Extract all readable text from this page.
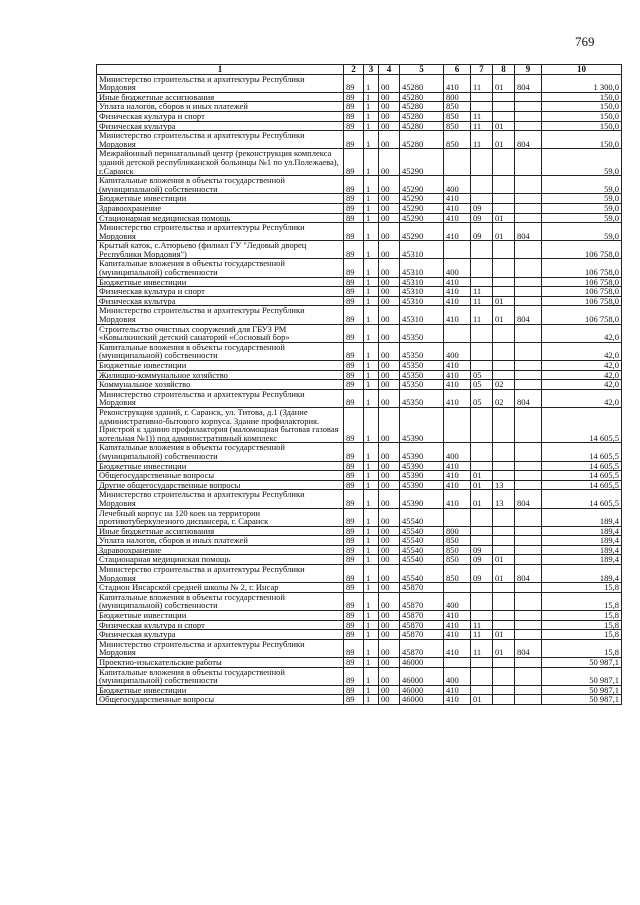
769
1	2	3	4	5	6	7	8	9	10
Министерство строительства и архитектуры Республики Мордовия	89	1	00	45280	410	11	01	804	1 300,0
Иные бюджетные ассигнования	89	1	00	45280	800				150,0
Уплата налогов, сборов и иных платежей	89	1	00	45280	850				150,0
Физическая культура и спорт	89	1	00	45280	850	11			150,0
Физическая культура	89	1	00	45280	850	11	01		150,0
Министерство строительства и архитектуры Республики Мордовия	89	1	00	45280	850	11	01	804	150,0
Межрайонный перинатальный центр (реконструкция комплекса зданий детской республиканской больницы №1 по ул.Полежаева), г.Саранск	89	1	00	45290					59,0
Капитальные вложения в объекты государственной (муниципальной) собственности	89	1	00	45290	400				59,0
Бюджетные инвестиции	89	1	00	45290	410				59,0
Здравоохранение	89	1	00	45290	410	09			59,0
Стационарная медицинская помощь	89	1	00	45290	410	09	01		59,0
Министерство строительства и архитектуры Республики Мордовия	89	1	00	45290	410	09	01	804	59,0
Крытый каток, с.Атюрьево (филиал ГУ "Ледовый дворец Республики Мордовия")	89	1	00	45310					106 758,0
Капитальные вложения в объекты государственной (муниципальной) собственности	89	1	00	45310	400				106 758,0
Бюджетные инвестиции	89	1	00	45310	410				106 758,0
Физическая культура и спорт	89	1	00	45310	410	11			106 758,0
Физическая культура	89	1	00	45310	410	11	01		106 758,0
Министерство строительства и архитектуры Республики Мордовия	89	1	00	45310	410	11	01	804	106 758,0
Строительство очистных сооружений для ГБУЗ РМ «Ковылкинский детский санаторий «Сосновый бор»	89	1	00	45350					42,0
Капитальные вложения в объекты государственной (муниципальной) собственности	89	1	00	45350	400				42,0
Бюджетные инвестиции	89	1	00	45350	410				42,0
Жилищно-коммунальное хозяйство	89	1	00	45350	410	05			42,0
Коммунальное хозяйство	89	1	00	45350	410	05	02		42,0
Министерство строительства и архитектуры Республики Мордовия	89	1	00	45350	410	05	02	804	42,0
Реконструкция зданий, г. Саранск, ул. Титова, д.1 (Здание административно-бытового корпуса. Здание профилактория. Пристрой к зданию профилактория (маломощная бытовая газовая котельная №1)) под административный комплекс	89	1	00	45390					14 605,5
Капитальные вложения в объекты государственной (муниципальной) собственности	89	1	00	45390	400				14 605,5
Бюджетные инвестиции	89	1	00	45390	410				14 605,5
Общегосударственные вопросы	89	1	00	45390	410	01			14 605,5
Другие общегосударственные вопросы	89	1	00	45390	410	01	13		14 605,5
Министерство строительства и архитектуры Республики Мордовия	89	1	00	45390	410	01	13	804	14 605,5
Лечебный корпус на 120 коек на территории противотуберкулезного диспансера, г. Саранск	89	1	00	45540					189,4
Иные бюджетные ассигнования	89	1	00	45540	800				189,4
Уплата налогов, сборов и иных платежей	89	1	00	45540	850				189,4
Здравоохранение	89	1	00	45540	850	09			189,4
Стационарная медицинская помощь	89	1	00	45540	850	09	01		189,4
Министерство строительства и архитектуры Республики Мордовия	89	1	00	45540	850	09	01	804	189,4
Стадион Инсарской средней школы № 2, г. Инсар	89	1	00	45870					15,8
Капитальные вложения в объекты государственной (муниципальной) собственности	89	1	00	45870	400				15,8
Бюджетные инвестиции	89	1	00	45870	410				15,8
Физическая культура и спорт	89	1	00	45870	410	11			15,8
Физическая культура	89	1	00	45870	410	11	01		15,8
Министерство строительства и архитектуры Республики Мордовия	89	1	00	45870	410	11	01	804	15,8
Проектно-изыскательские работы	89	1	00	46000					50 987,1
Капитальные вложения в объекты государственной (муниципальной) собственности	89	1	00	46000	400				50 987,1
Бюджетные инвестиции	89	1	00	46000	410				50 987,1
Общегосударственные вопросы	89	1	00	46000	410	01			50 987,1
